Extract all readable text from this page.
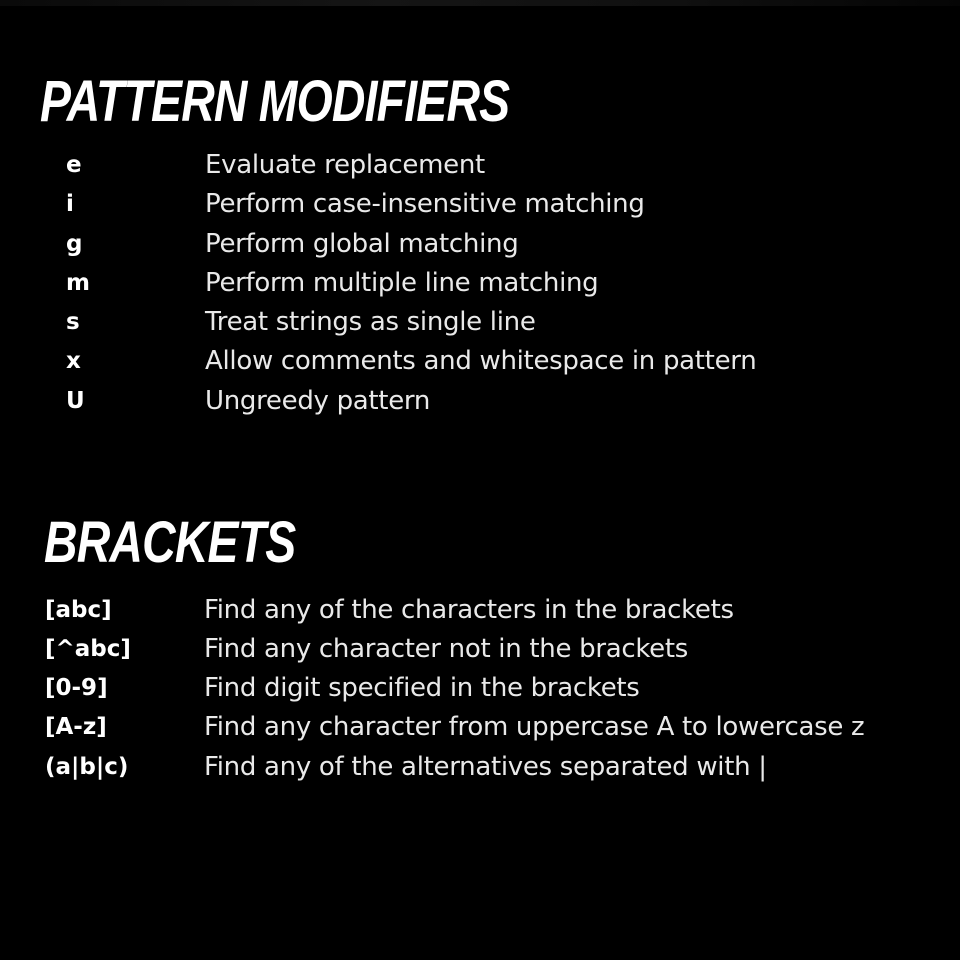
PATTERN MODIFIERS
e	Evaluate replacement
i	Perform case-insensitive matching
g	Perform global matching
m	Perform multiple line matching
s	Treat strings as single line
x	Allow comments and whitespace in pattern
U	Ungreedy pattern
BRACKETS
[abc]	Find any of the characters in the brackets
[^abc]	Find any character not in the brackets
[0-9]	Find digit specified in the brackets
[A-z]	Find any character from uppercase A to lowercase z
(a|b|c)	Find any of the alternatives separated with |
